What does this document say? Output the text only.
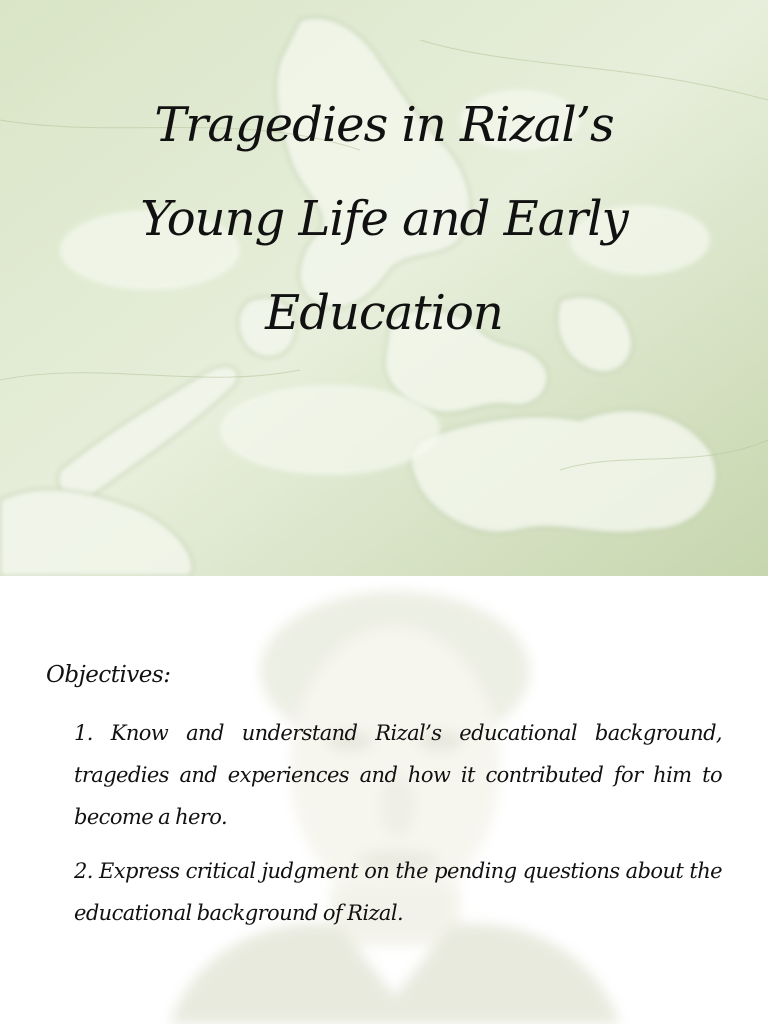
Tragedies in Rizal’s Young Life and Early Education

Objectives:

1. Know and understand Rizal’s educational background, tragedies and experiences and how it contributed for him to become a hero.

2. Express critical judgment on the pending questions about the educational background of Rizal.
